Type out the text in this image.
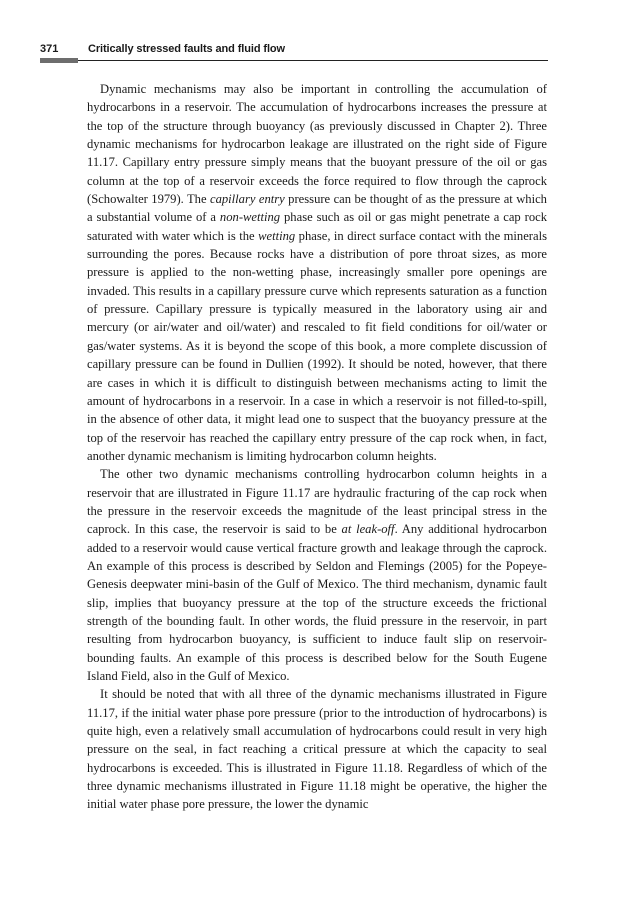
371	Critically stressed faults and fluid flow

Dynamic mechanisms may also be important in controlling the accumulation of hydrocarbons in a reservoir. The accumulation of hydrocarbons increases the pressure at the top of the structure through buoyancy (as previously discussed in Chapter 2). Three dynamic mechanisms for hydrocarbon leakage are illustrated on the right side of Figure 11.17. Capillary entry pressure simply means that the buoyant pressure of the oil or gas column at the top of a reservoir exceeds the force required to flow through the caprock (Schowalter 1979). The capillary entry pressure can be thought of as the pressure at which a substantial volume of a non-wetting phase such as oil or gas might penetrate a cap rock saturated with water which is the wetting phase, in direct surface contact with the minerals surrounding the pores. Because rocks have a distribution of pore throat sizes, as more pressure is applied to the non-wetting phase, increasingly smaller pore openings are invaded. This results in a capillary pressure curve which represents saturation as a function of pressure. Capillary pressure is typically measured in the laboratory using air and mercury (or air/water and oil/water) and rescaled to fit field conditions for oil/water or gas/water systems. As it is beyond the scope of this book, a more complete discussion of capillary pressure can be found in Dullien (1992). It should be noted, however, that there are cases in which it is difficult to distinguish between mechanisms acting to limit the amount of hydrocarbons in a reservoir. In a case in which a reservoir is not filled-to-spill, in the absence of other data, it might lead one to suspect that the buoyancy pressure at the top of the reservoir has reached the capillary entry pressure of the cap rock when, in fact, another dynamic mechanism is limiting hydrocarbon column heights.

The other two dynamic mechanisms controlling hydrocarbon column heights in a reservoir that are illustrated in Figure 11.17 are hydraulic fracturing of the cap rock when the pressure in the reservoir exceeds the magnitude of the least principal stress in the caprock. In this case, the reservoir is said to be at leak-off. Any additional hydrocarbon added to a reservoir would cause vertical fracture growth and leakage through the caprock. An example of this process is described by Seldon and Flemings (2005) for the Popeye-Genesis deepwater mini-basin of the Gulf of Mexico. The third mechanism, dynamic fault slip, implies that buoyancy pressure at the top of the structure exceeds the frictional strength of the bounding fault. In other words, the fluid pressure in the reservoir, in part resulting from hydrocarbon buoyancy, is sufficient to induce fault slip on reservoir-bounding faults. An example of this process is described below for the South Eugene Island Field, also in the Gulf of Mexico.

It should be noted that with all three of the dynamic mechanisms illustrated in Figure 11.17, if the initial water phase pore pressure (prior to the introduction of hydrocarbons) is quite high, even a relatively small accumulation of hydrocarbons could result in very high pressure on the seal, in fact reaching a critical pressure at which the capacity to seal hydrocarbons is exceeded. This is illustrated in Figure 11.18. Regardless of which of the three dynamic mechanisms illustrated in Figure 11.18 might be operative, the higher the initial water phase pore pressure, the lower the dynamic
